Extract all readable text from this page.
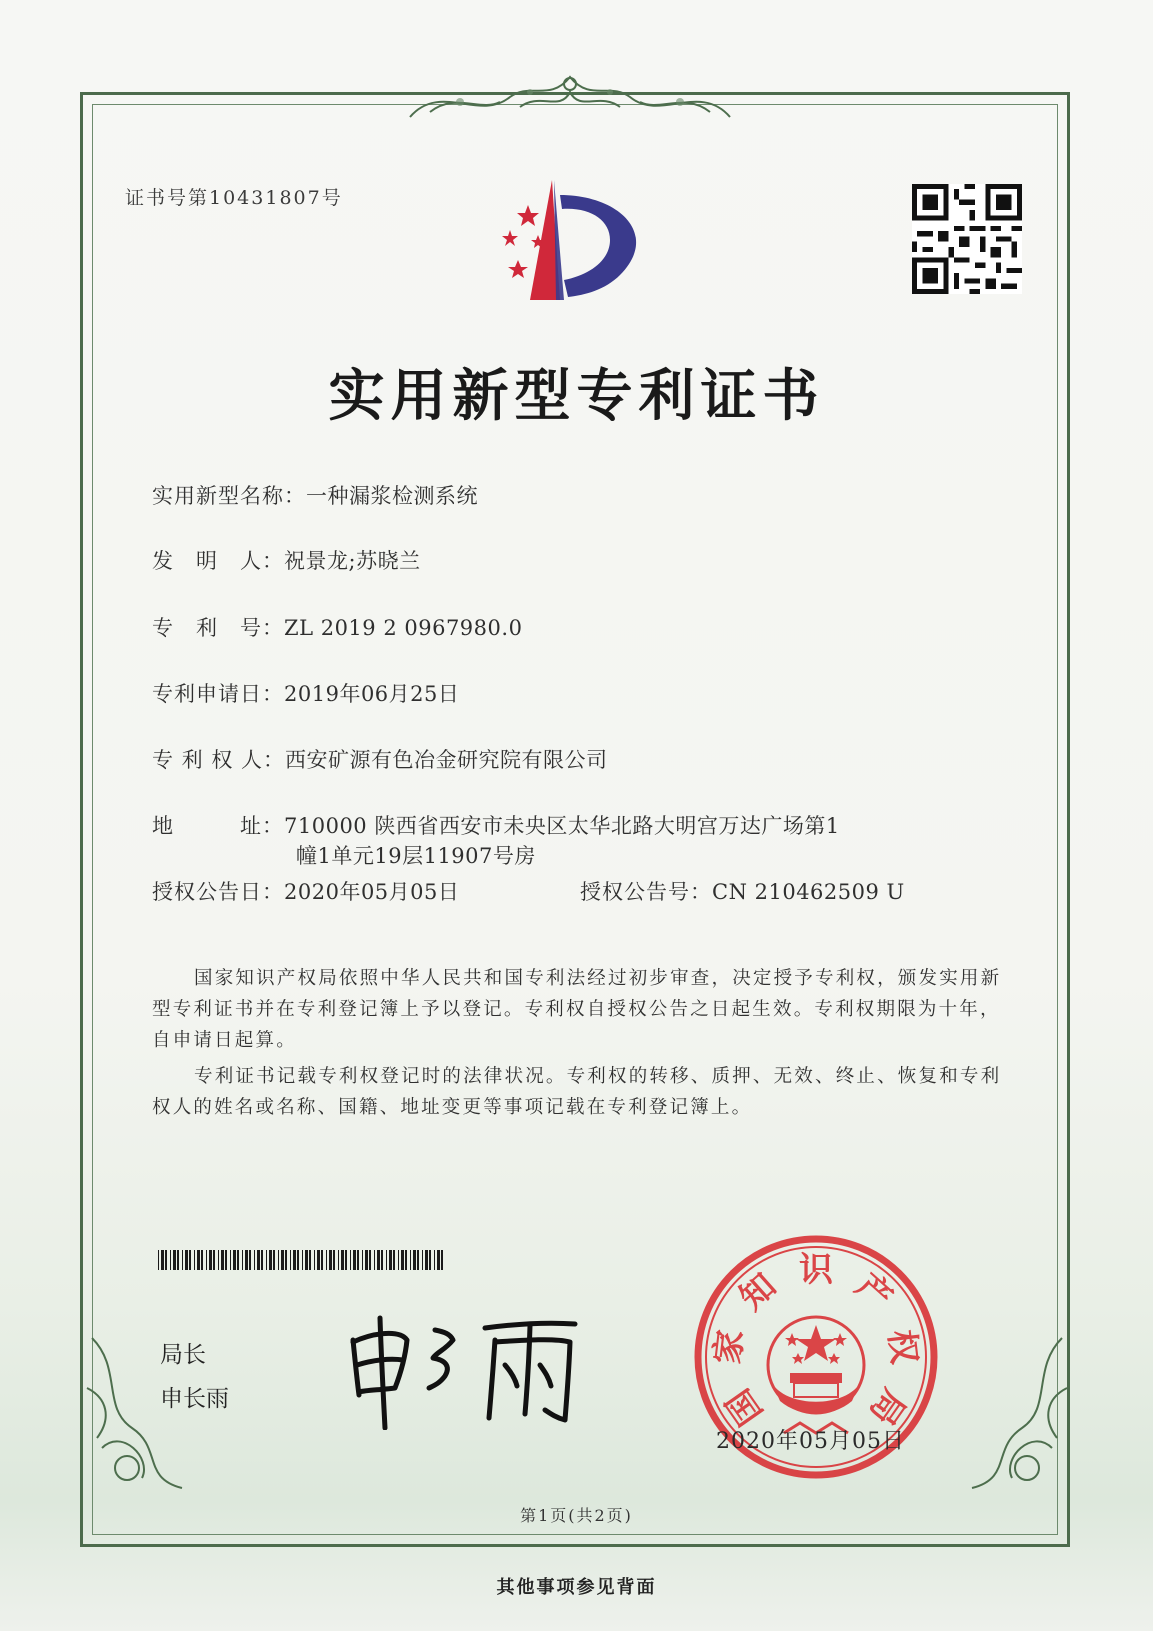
证书号第10431807号
实用新型专利证书
实用新型名称：一种漏浆检测系统
发　明　人：祝景龙;苏晓兰
专　利　号：ZL 2019 2 0967980.0
专利申请日：2019年06月25日
专 利 权 人：西安矿源有色冶金研究院有限公司
地　　　址：710000 陕西省西安市未央区太华北路大明宫万达广场第1
幢1单元19层11907号房
授权公告日：2020年05月05日	授权公告号：CN 210462509 U
国家知识产权局依照中华人民共和国专利法经过初步审查，决定授予专利权，颁发实用新型专利证书并在专利登记簿上予以登记。专利权自授权公告之日起生效。专利权期限为十年，自申请日起算。
专利证书记载专利权登记时的法律状况。专利权的转移、质押、无效、终止、恢复和专利权人的姓名或名称、国籍、地址变更等事项记载在专利登记簿上。
局长
申长雨	国
家
知 识 产
权
局
2020年05月05日
第1页(共2页)
其他事项参见背面
